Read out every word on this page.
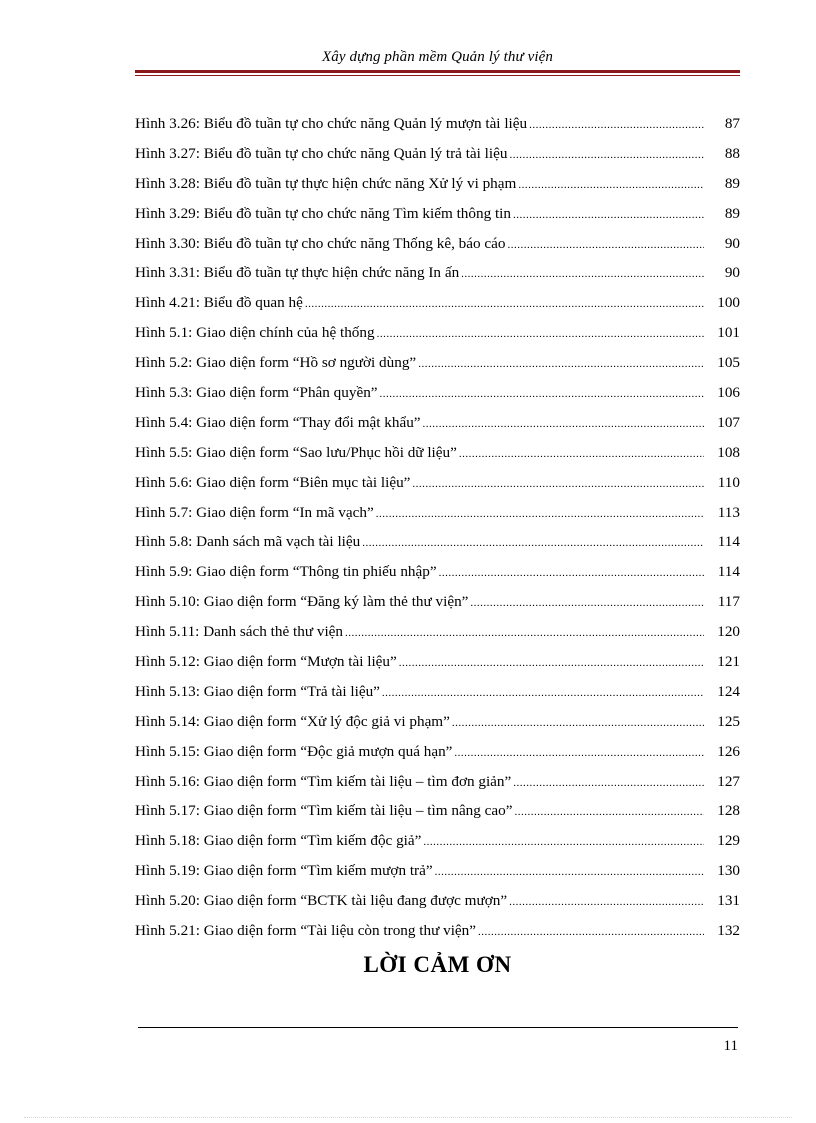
Xây dựng phần mềm Quản lý thư viện
Hình 3.26: Biểu đồ tuần tự cho chức năng Quản lý mượn tài liệu .....	87
Hình 3.27: Biểu đồ tuần tự cho chức năng Quản lý trả tài liệu .....	88
Hình 3.28: Biểu đồ tuần tự thực hiện chức năng Xử lý vi phạm .....	89
Hình 3.29: Biểu đồ tuần tự cho chức năng Tìm kiếm thông tin .....	89
Hình 3.30: Biểu đồ tuần tự cho chức năng Thống kê, báo cáo .....	90
Hình 3.31: Biểu đồ tuần tự thực hiện chức năng In ấn .....	90
Hình 4.21: Biểu đồ quan hệ .....	100
Hình 5.1: Giao diện chính của hệ thống .....	101
Hình 5.2: Giao diện form “Hồ sơ người dùng” .....	105
Hình 5.3: Giao diện form “Phân quyền” .....	106
Hình 5.4: Giao diện form “Thay đổi mật khẩu” .....	107
Hình 5.5: Giao diện form “Sao lưu/Phục hồi dữ liệu” .....	108
Hình 5.6: Giao diện form “Biên mục tài liệu” .....	110
Hình 5.7: Giao diện form “In mã vạch” .....	113
Hình 5.8: Danh sách mã vạch tài liệu .....	114
Hình 5.9: Giao diện form “Thông tin phiếu nhập” .....	114
Hình 5.10: Giao diện form “Đăng ký làm thẻ thư viện” .....	117
Hình 5.11: Danh sách thẻ thư viện .....	120
Hình 5.12: Giao diện form “Mượn tài liệu” .....	121
Hình 5.13: Giao diện form “Trả tài liệu” .....	124
Hình 5.14: Giao diện form “Xử lý độc giả vi phạm” .....	125
Hình 5.15: Giao diện form “Độc giả mượn quá hạn” .....	126
Hình 5.16: Giao diện form “Tìm kiếm tài liệu – tìm đơn giản” .....	127
Hình 5.17: Giao diện form “Tìm kiếm tài liệu – tìm nâng cao” .....	128
Hình 5.18: Giao diện form “Tìm kiếm độc giả” .....	129
Hình 5.19: Giao diện form “Tìm kiếm mượn trả” .....	130
Hình 5.20: Giao diện form “BCTK tài liệu đang được mượn” .....	131
Hình 5.21: Giao diện form “Tài liệu còn trong thư viện” .....	132
LỜI CẢM ƠN
11
